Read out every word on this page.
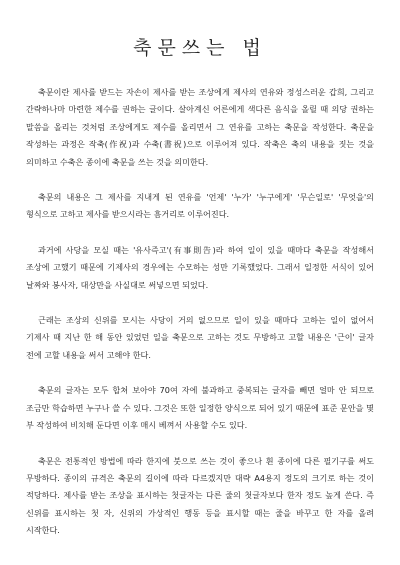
축문쓰는 법

축문이란 제사를 받드는 자손이 제사를 받는 조상에게 제사의 연유와 정성스러운 갑희, 그리고 간략하나마 마련한 제수를 권하는 글이다. 살아계신 어른에게 색다른 음식을 올릴 때 의당 권하는 말씀을 올리는 것처럼 조상에게도 제수를 올리면서 그 연유를 고하는 축문을 작성한다. 축문을 작성하는 과정은 작축(作祝)과 수축(書祝)으로 이루어져 있다. 작축은 축의 내용을 짓는 것을 의미하고 수축은 종이에 축문을 쓰는 것을 의미한다.

축문의 내용은 그 제사를 지내게 된 연유를 '언제' '누가' '누구에게' '무슨일로' '무엇을'의 형식으로 고하고 제사를 받으시라는 흠거리로 이루어진다.

과거에 사당을 모실 때는 '유사즉고'(有事則告)라 하여 일이 있을 때마다 축문을 작성해서 조상에 고했기 때문에 기제사의 경우에는 수모하는 성만 기록했었다. 그래서 일정한 서식이 있어 날짜와 봉사자, 대상만을 사실대로 써넣으면 되었다.

근래는 조상의 신위를 모시는 사당이 거의 없으므로 일이 있을 때마다 고하는 일이 없어서 기제사 때 지난 한 해 동안 있었던 일을 축문으로 고하는 것도 무방하고 고할 내용은 '근이' 글자 전에 고할 내용을 써서 고해야 한다.

축문의 글자는 모두 합쳐 보아야 70여 자에 불과하고 중복되는 글자를 빼면 얼마 안 되므로 조금만 학습하면 누구나 쓸 수 있다. 그것은 또한 일정한 양식으로 되어 있기 때문에 표준 문안을 몇 부 작성하여 비치해 둔다면 이후 매시 베껴서 사용할 수도 있다.

축문은 전통적인 방법에 따라 한지에 붓으로 쓰는 것이 좋으나 흰 종이에 다른 필기구를 써도 무방하다. 종이의 규격은 축문의 길이에 따라 다르겠지만 대략 A4용지 정도의 크기로 하는 것이 적당하다. 제사를 받는 조상을 표시하는 첫글자는 다른 줄의 첫글자보다 한자 정도 높게 쓴다. 즉 신위를 표시하는 첫 자, 신위의 가상적인 행동 등을 표시할 때는 줄을 바꾸고 한 자를 올려 시작한다.
